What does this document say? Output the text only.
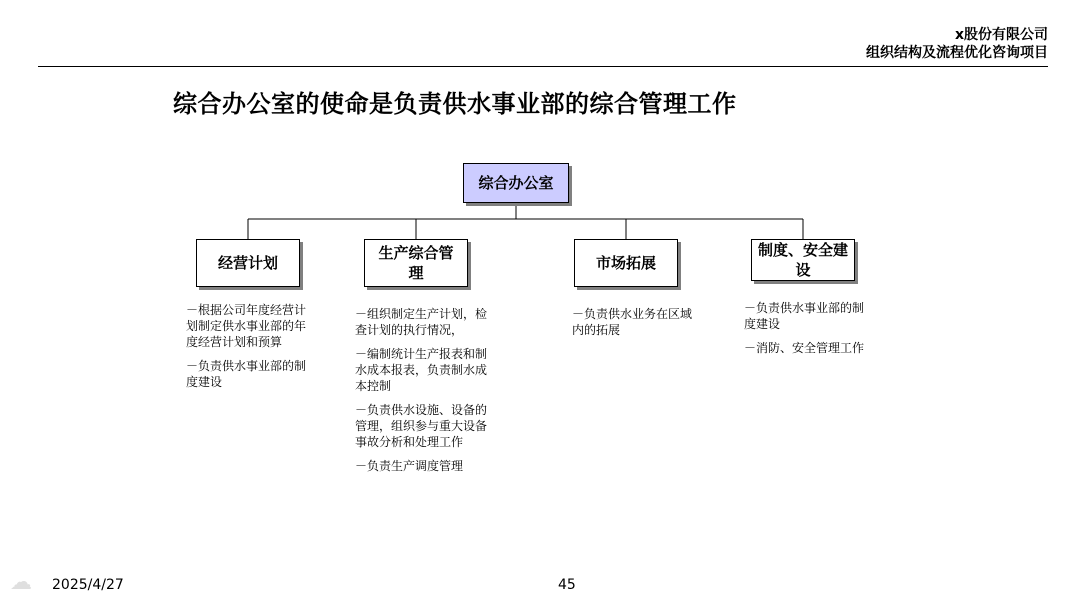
x股份有限公司
组织结构及流程优化咨询项目
综合办公室的使命是负责供水事业部的综合管理工作
综合办公室
经营计划
生产综合管理
市场拓展
制度、安全建设

－根据公司年度经营计划制定供水事业部的年度经营计划和预算

－负责供水事业部的制度建设

－组织制定生产计划，检查计划的执行情况，

－编制统计生产报表和制水成本报表，负责制水成本控制

－负责供水设施、设备的管理，组织参与重大设备事故分析和处理工作

－负责生产调度管理

－负责供水业务在区域内的拓展

－负责供水事业部的制度建设

－消防、安全管理工作

☁ 2025/4/27	45
